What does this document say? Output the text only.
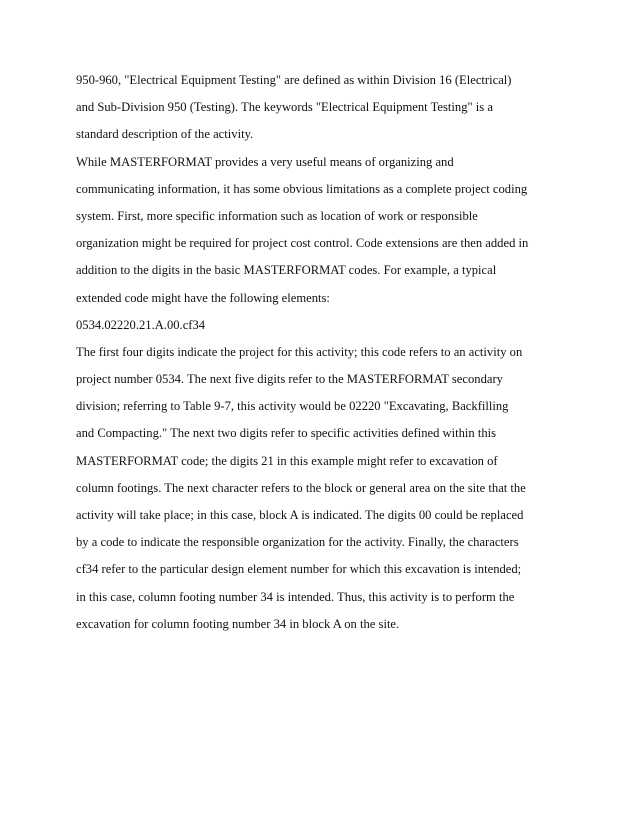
950-960, "Electrical Equipment Testing" are defined as within Division 16 (Electrical)
and Sub-Division 950 (Testing). The keywords "Electrical Equipment Testing" is a
standard description of the activity.
While MASTERFORMAT provides a very useful means of organizing and
communicating information, it has some obvious limitations as a complete project coding
system. First, more specific information such as location of work or responsible
organization might be required for project cost control. Code extensions are then added in
addition to the digits in the basic MASTERFORMAT codes. For example, a typical
extended code might have the following elements:
0534.02220.21.A.00.cf34
The first four digits indicate the project for this activity; this code refers to an activity on
project number 0534. The next five digits refer to the MASTERFORMAT secondary
division; referring to Table 9-7, this activity would be 02220 "Excavating, Backfilling
and Compacting." The next two digits refer to specific activities defined within this
MASTERFORMAT code; the digits 21 in this example might refer to excavation of
column footings. The next character refers to the block or general area on the site that the
activity will take place; in this case, block A is indicated. The digits 00 could be replaced
by a code to indicate the responsible organization for the activity. Finally, the characters
cf34 refer to the particular design element number for which this excavation is intended;
in this case, column footing number 34 is intended. Thus, this activity is to perform the
excavation for column footing number 34 in block A on the site.
